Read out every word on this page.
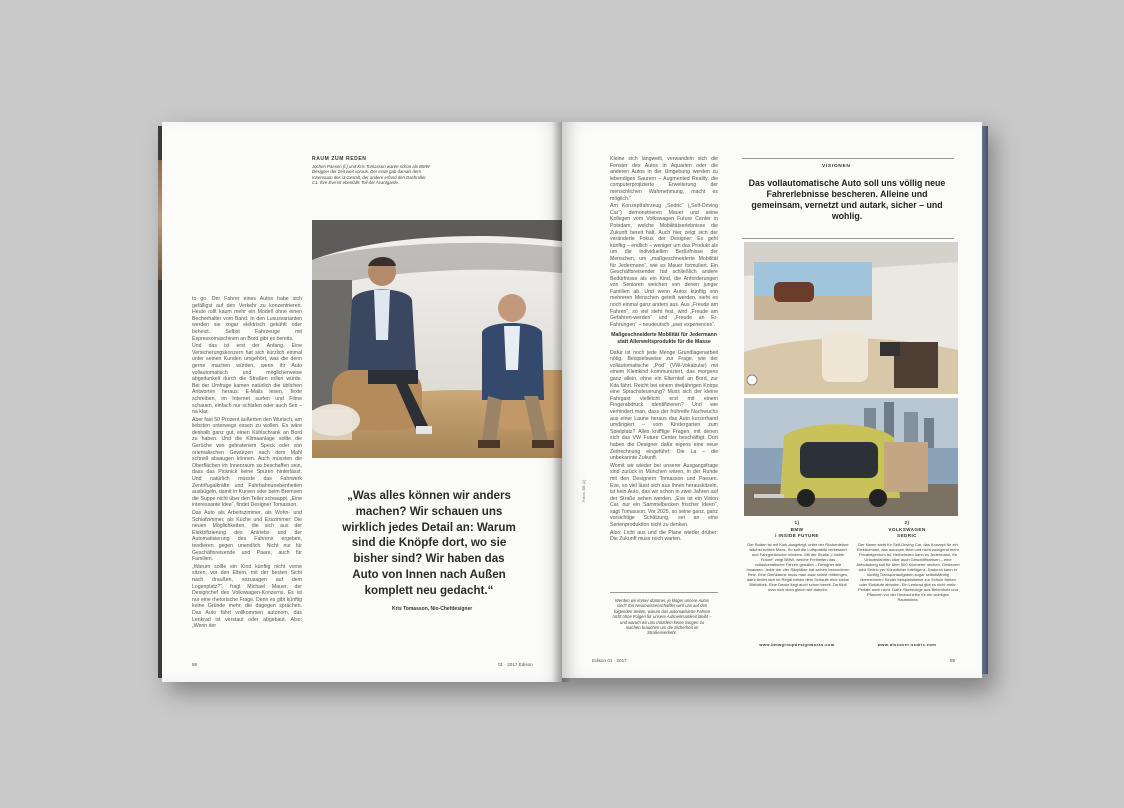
RAUM ZUM REDEN
Jochen Paesen (l.) und Kris Tomasson waren schon als BMW-Designer der Zeit weit voraus. Der erste gab damals dem Innenraum des i3 Gestalt, der andere erfand den Dachroller C1. Ihre Eve ist ebenfalls Teil der Avantgarde.

to go. Der Fahrer eines Autos habe sich gefälligst auf den Verkehr zu konzentrieren. Heute rollt kaum mehr ein Modell ohne einen Becherhalter vom Band. In den Luxusvarianten werden sie sogar elektrisch gekühlt oder beheizt. Selbst Fahrzeuge mit Espressomaschinen an Bord gibt es bereits.

Und das ist erst der Anfang. Eine Versicherungskonzern hat sich kürzlich einmal unter seinen Kunden umgehört, was die denn gerne machen würden, wenn ihr Auto vollautomatisch und möglicherweise abgedunkelt durch die Straßen rollen würde. Bei der Umfrage kamen natürlich die üblichen Antworten heraus: E-Mails lesen, Texte schreiben, im Internet surfen und Filme schauen, einfach nur schlafen oder auch Sex – na klar.

Aber fast 50 Prozent äußerten den Wunsch, am liebsten unterwegs essen zu wollen. Es wäre deshalb ganz gut, einen Kühlschrank an Bord zu haben. Und die Klimaanlage sollte die Gerüche von gebratenem Speck oder von orientalischen Gewürzen nach dem Mahl schnell absaugen können. Auch müssten die Oberflächen im Innenraum so beschaffen sein, dass das Picknick keine Spuren hinterlässt. Und natürlich müsste das Fahrwerk Zentrifugalkräfte und Fahrbahnunebenheiten ausbügeln, damit in Kurven oder beim Bremsen die Suppe nicht über den Teller schwappt. „Eine interessante Idee“, findet Designer Tomasson.

Das Auto als Arbeitszimmer, als Wohn- und Schlafzimmer, als Küche und Esszimmer: Die neuen Möglichkeiten, die sich aus der Elektrifizierung des Antriebs und der Automatisierung des Fahrens ergeben, tendieren gegen unendlich. Nicht nur für Geschäftsreisende und Paare, auch für Familien.

„Warum sollte ein Kind künftig nicht vorne sitzen, vor den Eltern, mit der besten Sicht nach draußen, sozusagen auf dem Logenplatz?“, fragt Michael Mauer, der Designchef des Volkswagen-Konzerns. Es ist nur eine rhetorische Frage. Denn es gibt künftig keine Gründe mehr, die dagegen sprächen. Das Auto fährt vollkommen autonom, das Lenkrad ist verstaut oder abgebaut. Also: „Wenn der

„Was alles können wir anders machen? Wir schauen uns wirklich jedes Detail an: Warum sind die Knöpfe dort, wo sie bisher sind? Wir haben das Auto von Innen nach Außen komplett neu gedacht.“
Kris Tomasson, Nio-Chefdesigner
88	01 · 2017 Edison

Kleine sich langweilt, verwandeln sich die Fenster des Autos in Aquarien oder die anderen Autos in der Umgebung werden zu lebendigen Saurern – Augmented Reality, die computerprojizierte Erweiterung der menschlichen Wahrnehmung, macht es möglich.“

Am Konzeptfahrzeug „Sedric“ („Self-Driving Car“) demonstrieren Mauer und seine Kollegen vom Volkswagen Future Center in Potsdam, welche Mobilitätserlebnisse die Zukunft bereit hält. Auch hier zeigt sich der veränderte Fokus der Designer: Es geht künftig – endlich – weniger um das Produkt als um die individuellen Bedürfnisse der Menschen, um „maßgeschneiderte Mobilität für Jedermann“, wie es Mauer formuliert. Ein Geschäftsreisender hat schließlich andere Bedürfnisse als ein Kind, die Anforderungen von Senioren weichen von denen junger Familien ab. Und wenn Autos künftig von mehreren Menschen geteilt werden, sieht es noch einmal ganz anders aus. Aus „Freude am Fahren“, so viel steht fest, wird „Freude am Gefahren-werden“ und „Freude an Er-Fahrungen“ – neudeutsch „user experiences“.

Maßgeschneiderte Mobilität für Jedermann statt Allerweltsprodukte für die Masse

Dafür ist noch jede Menge Grundlagenarbeit nötig. Beispielsweise zur Frage, wie der vollautomatische „Pod“ (VW-Vokabular) mit einem Kleinkind kommuniziert, das morgens ganz allein, ohne ein Elternteil an Bord, zur Kita fährt. Reicht bei einem dreijährigen Knirps eine Sprachsteuerung? Muss sich der kleine Fahrgast vielleicht erst mit einem Fingerabdruck identifizieren? Und wie verhindert man, dass der frühreife Nachwuchs aus einer Laune heraus das Auto kurzerhand umdirigiert – vom Kindergarten zum Spielplatz? Alles knifflige Fragen, mit denen sich das VW Future Center beschäftigt. Dort haben die Designer dafür eigens eine neue Zeitrechnung eingeführt: Die La – die unbekannte Zukunft.

Womit wir wieder bei unserer Ausgangsfrage sind zurück in München wären, in der Runde mit den Designern Tomasson und Paesen. Eve, so viel lässt sich aus ihnen herauskitzeln, ist kein Auto, das wir schon in zwei Jahren auf der Straße sehen werden. „Eve ist ein Vision Car, nur ein Sammelbecken frischer Ideen“, sagt Tomasson. Vor 2025, so seine ganz, ganz vorsichtige Schätzung, sei an eine Serienproduktion nicht zu denken.

Also: Licht aus und die Plane wieder drüber: Die Zukunft muss noch warten.

Fotos: BB (2)
Werden wir immer dümmer, je klüger unsere Autos sind? Ein Neurowissenschaftler wird uns auf den folgenden Seiten, warum das automatisierte Fahren nicht ohne Folgen für unsere Aufmerksamkeit bleibt – und warum wir uns trotzdem keine Sorgen zu machen brauchen um die Sicherheit im Straßenverkehr.
VISIONEN
Das vollautomatische Auto soll uns völlig neue Fahrerlebnisse bescheren. Alleine und gemeinsam, vernetzt und autark, sicher – und wohlig.
1)
BMW
i INSIDE FUTURE
Der Boden ist mit Kork ausgelegt, unter der Rückenlehne wächst echtes Moos. So soll die Luftqualität verbessert und Fahrgeräusche mindern. Mit der Studie „i Inside Future“ zeigt BMW, welche Freiheiten das vollautomatische Fahren gewährt – Designer wie Insassen: Jeder der vier Sitzplätze hat seinen besonderen Reiz. Eine Gießkanne muss man zwar selbst mitbringen, dafür findet sich im Regal neben dem Schaufe eine kleine Bibliothek. Eine Decke liegt auch schon bereit. Da fühlt man sich doch gleich wie daheim.
www.bmwgroupdesignworks.com
2)
VOLKSWAGEN
SEDRIC
Der Name steht für Self-Driving Car, das Konzept für ein Elektromobil, das autonom fährt und nicht zwingend mehr Privateigentum ist. Herbeirufen kann es Jedermann, für Urlaubsfahrten oder auch Geschäftsreisen – eine Abholadung soll für über 500 Kilometer reichen. Gesteuert wird Sedric per Künstlicher Intelligenz. Dadurch kann er künftig Transportaufgaben sogar selbstständig übernehmen: Kinder beispielsweise zur Schule fahren oder Einkäufe abholen. Ein Lenkrad gibt es nicht mehr. Pedale auch nicht. Dafür Sitzbezüge aus Birkenholz und Pflanzen vor der Heckscheibe für ein wohliges Raumklima.
www.discover-sedric.com
Edison 01 · 2017	89
